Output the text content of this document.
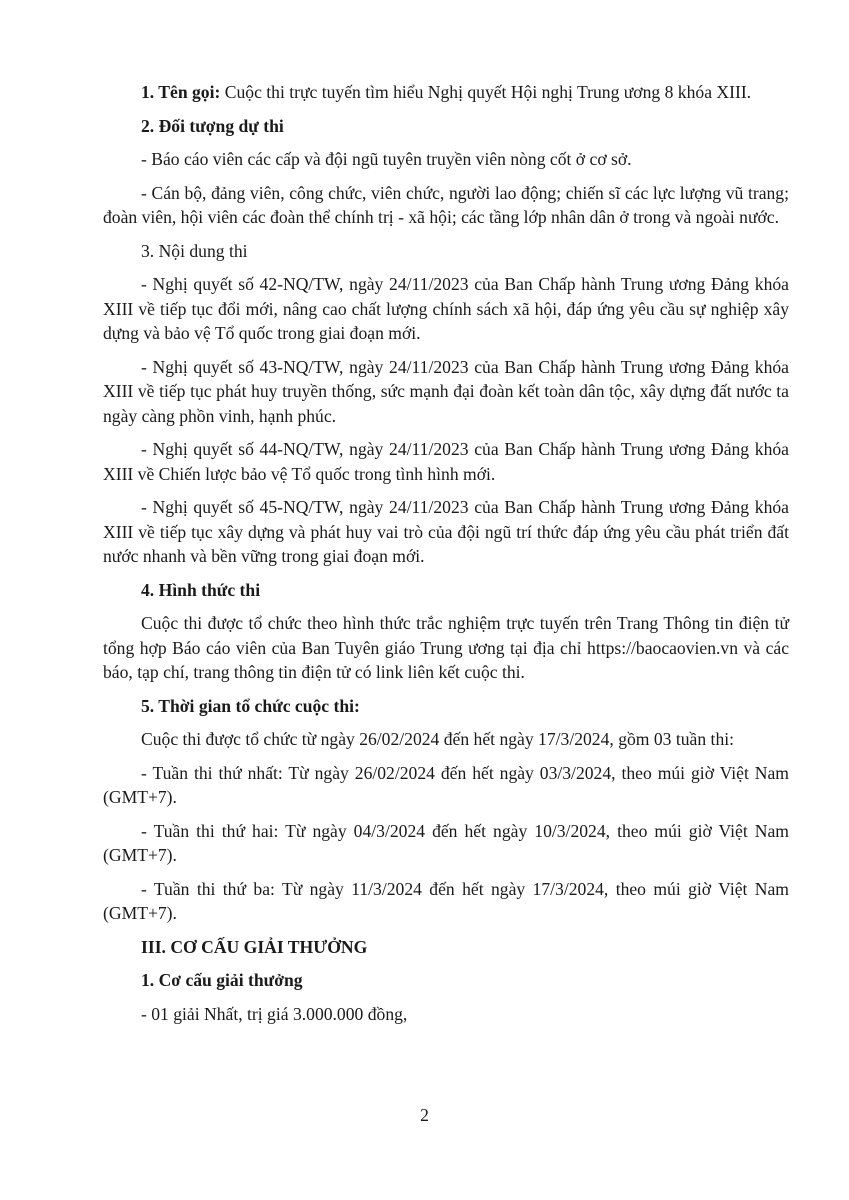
1. Tên gọi: Cuộc thi trực tuyến tìm hiểu Nghị quyết Hội nghị Trung ương 8 khóa XIII.

2. Đối tượng dự thi

- Báo cáo viên các cấp và đội ngũ tuyên truyền viên nòng cốt ở cơ sở.

- Cán bộ, đảng viên, công chức, viên chức, người lao động; chiến sĩ các lực lượng vũ trang; đoàn viên, hội viên các đoàn thể chính trị - xã hội; các tầng lớp nhân dân ở trong và ngoài nước.

3. Nội dung thi

- Nghị quyết số 42-NQ/TW, ngày 24/11/2023 của Ban Chấp hành Trung ương Đảng khóa XIII về tiếp tục đổi mới, nâng cao chất lượng chính sách xã hội, đáp ứng yêu cầu sự nghiệp xây dựng và bảo vệ Tổ quốc trong giai đoạn mới.

- Nghị quyết số 43-NQ/TW, ngày 24/11/2023 của Ban Chấp hành Trung ương Đảng khóa XIII về tiếp tục phát huy truyền thống, sức mạnh đại đoàn kết toàn dân tộc, xây dựng đất nước ta ngày càng phồn vinh, hạnh phúc.

- Nghị quyết số 44-NQ/TW, ngày 24/11/2023 của Ban Chấp hành Trung ương Đảng khóa XIII về Chiến lược bảo vệ Tổ quốc trong tình hình mới.

- Nghị quyết số 45-NQ/TW, ngày 24/11/2023 của Ban Chấp hành Trung ương Đảng khóa XIII về tiếp tục xây dựng và phát huy vai trò của đội ngũ trí thức đáp ứng yêu cầu phát triển đất nước nhanh và bền vững trong giai đoạn mới.

4. Hình thức thi

Cuộc thi được tổ chức theo hình thức trắc nghiệm trực tuyến trên Trang Thông tin điện tử tổng hợp Báo cáo viên của Ban Tuyên giáo Trung ương tại địa chỉ https://baocaovien.vn và các báo, tạp chí, trang thông tin điện tử có link liên kết cuộc thi.

5. Thời gian tổ chức cuộc thi:

Cuộc thi được tổ chức từ ngày 26/02/2024 đến hết ngày 17/3/2024, gồm 03 tuần thi:

- Tuần thi thứ nhất: Từ ngày 26/02/2024 đến hết ngày 03/3/2024, theo múi giờ Việt Nam (GMT+7).

- Tuần thi thứ hai: Từ ngày 04/3/2024 đến hết ngày 10/3/2024, theo múi giờ Việt Nam (GMT+7).

- Tuần thi thứ ba: Từ ngày 11/3/2024 đến hết ngày 17/3/2024, theo múi giờ Việt Nam (GMT+7).

III. CƠ CẤU GIẢI THƯỞNG

1. Cơ cấu giải thưởng

- 01 giải Nhất, trị giá 3.000.000 đồng,

2
